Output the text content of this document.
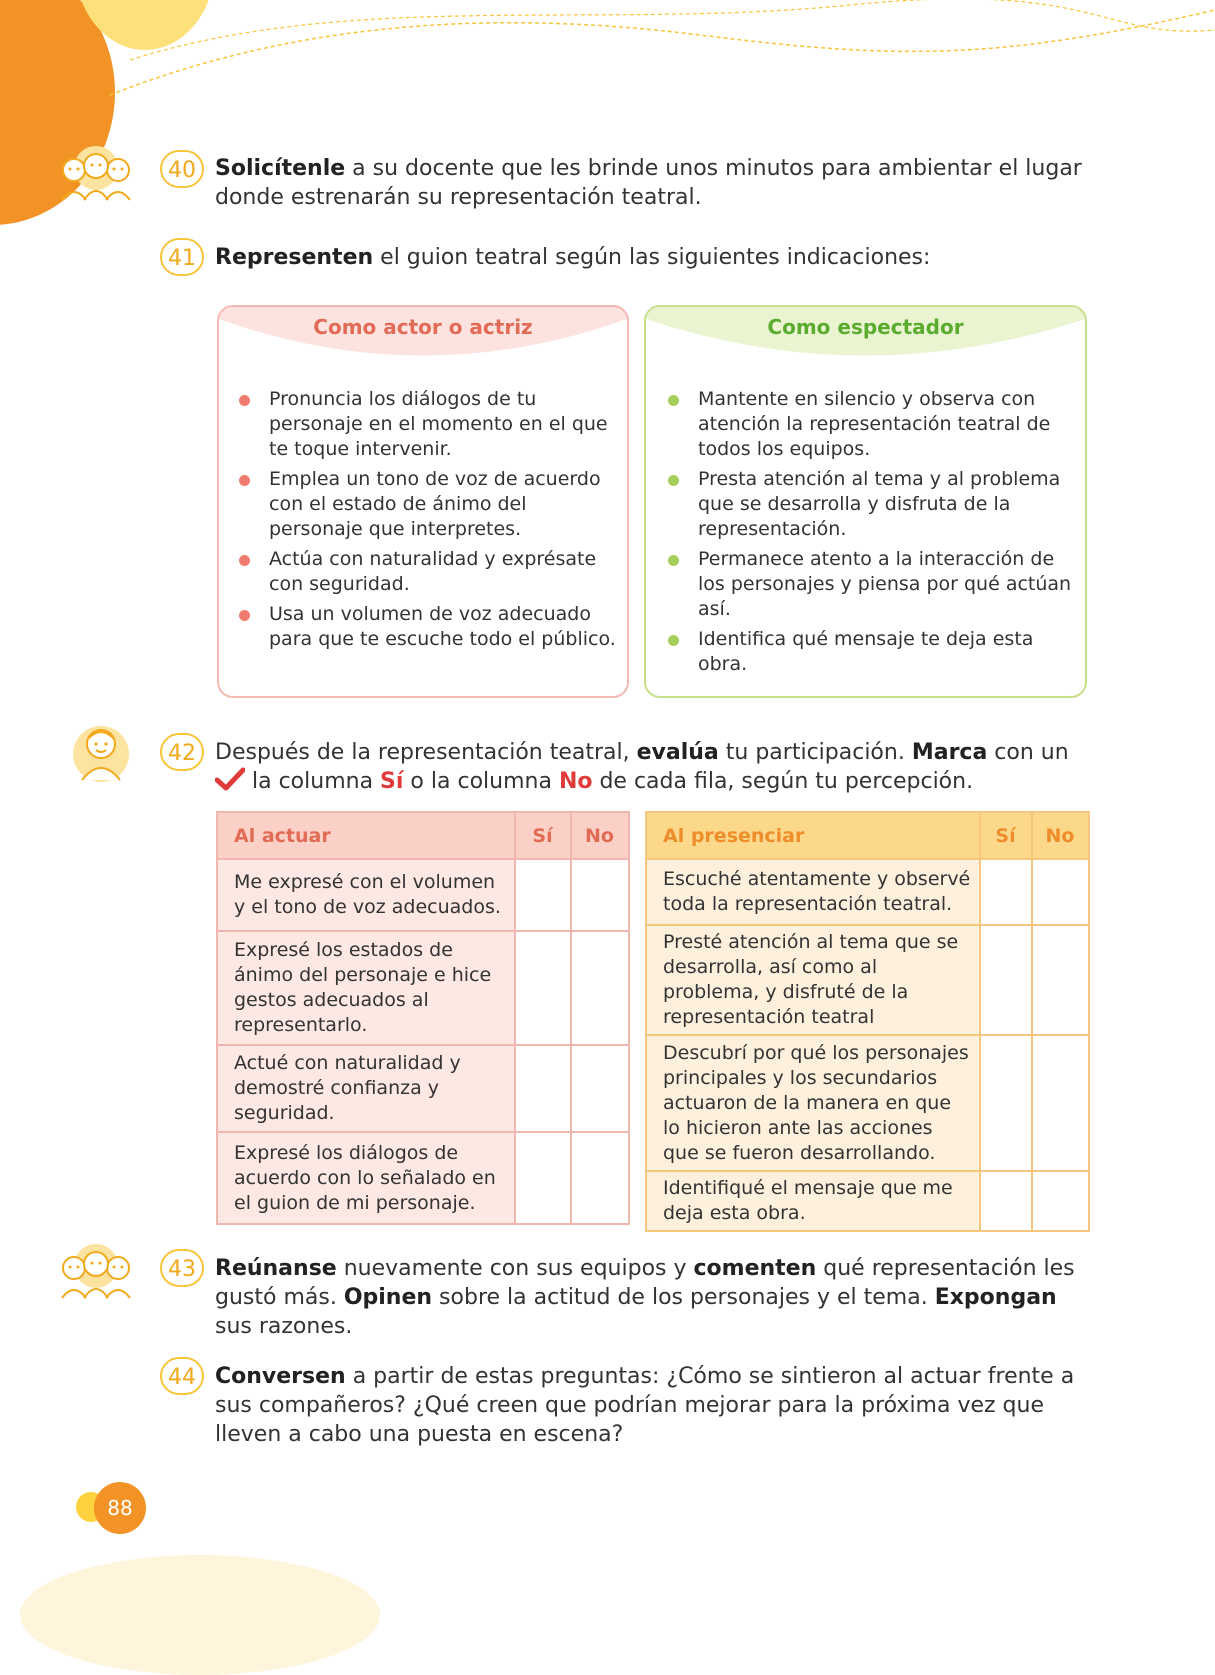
40 Solicítenle a su docente que les brinde unos minutos para ambientar el lugar donde estrenarán su representación teatral.
41 Representen el guion teatral según las siguientes indicaciones:
Como actor o actriz
Pronuncia los diálogos de tu personaje en el momento en el que te toque intervenir.
Emplea un tono de voz de acuerdo con el estado de ánimo del personaje que interpretes.
Actúa con naturalidad y exprésate con seguridad.
Usa un volumen de voz adecuado para que te escuche todo el público.
Como espectador
Mantente en silencio y observa con atención la representación teatral de todos los equipos.
Presta atención al tema y al problema que se desarrolla y disfruta de la representación.
Permanece atento a la interacción de los personajes y piensa por qué actúan así.
Identifica qué mensaje te deja esta obra.
42 Después de la representación teatral, evalúa tu participación. Marca con un  la columna Sí o la columna No de cada fila, según tu percepción.
Al actuar	Sí	No
Me expresé con el volumen y el tono de voz adecuados.		
Expresé los estados de ánimo del personaje e hice gestos adecuados al representarlo.		
Actué con naturalidad y demostré confianza y seguridad.		
Expresé los diálogos de acuerdo con lo señalado en el guion de mi personaje.		
Al presenciar	Sí	No
Escuché atentamente y observé toda la representación teatral.		
Presté atención al tema que se desarrolla, así como al problema, y disfruté de la representación teatral		
Descubrí por qué los personajes principales y los secundarios actuaron de la manera en que lo hicieron ante las acciones que se fueron desarrollando.		
Identifiqué el mensaje que me deja esta obra.		
43 Reúnanse nuevamente con sus equipos y comenten qué representación les gustó más. Opinen sobre la actitud de los personajes y el tema. Expongan sus razones.
44 Conversen a partir de estas preguntas: ¿Cómo se sintieron al actuar frente a sus compañeros? ¿Qué creen que podrían mejorar para la próxima vez que lleven a cabo una puesta en escena?
88
